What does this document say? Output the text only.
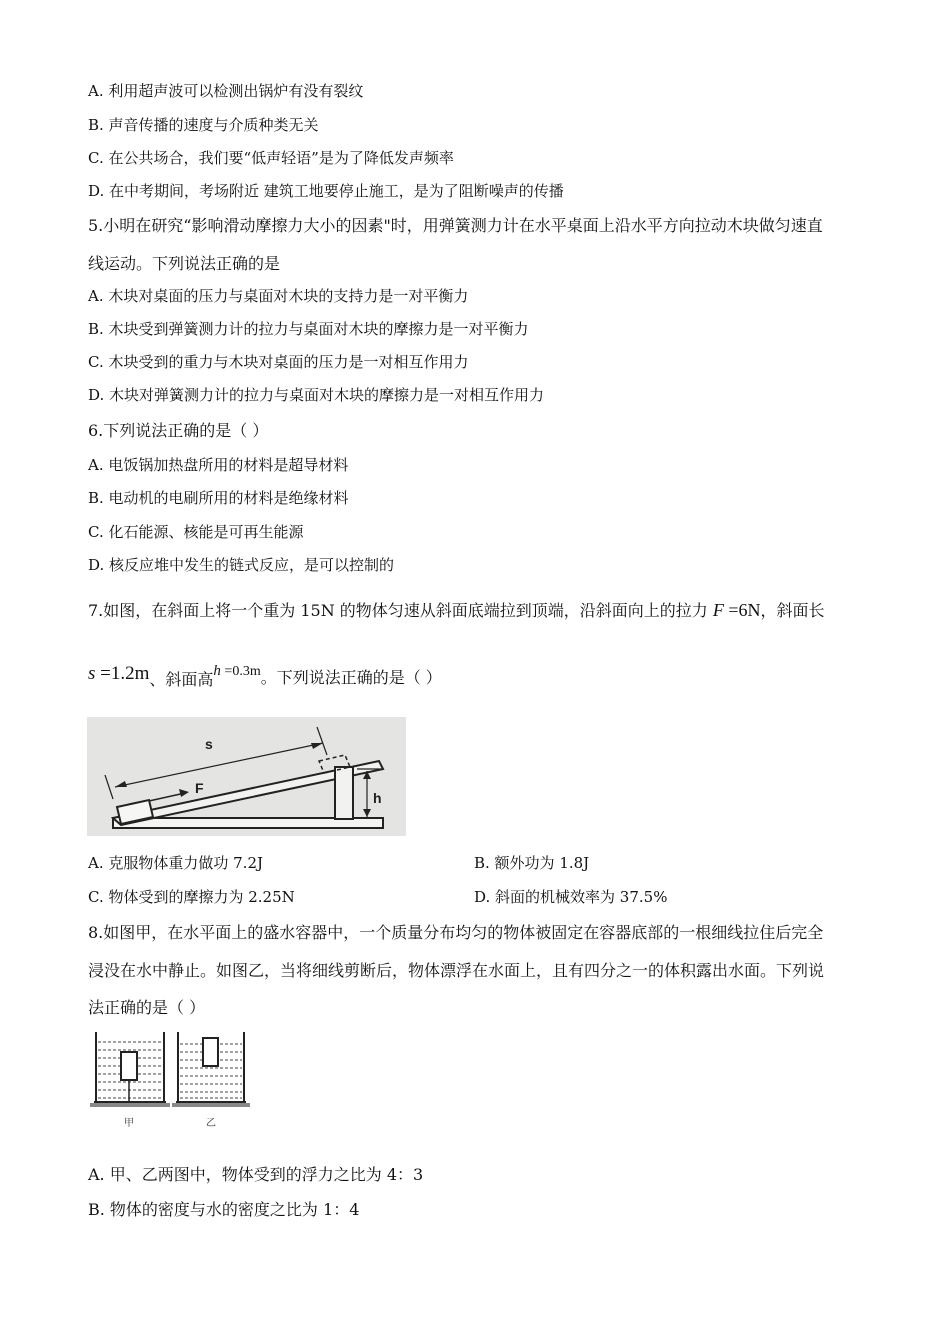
A. 利用超声波可以检测出锅炉有没有裂纹
B. 声音传播的速度与介质种类无关
C. 在公共场合，我们要“低声轻语”是为了降低发声频率
D. 在中考期间，考场附近 建筑工地要停止施工，是为了阻断噪声的传播
5.小明在研究“影响滑动摩擦力大小的因素"时，用弹簧测力计在水平桌面上沿水平方向拉动木块做匀速直
线运动。下列说法正确的是
A. 木块对桌面的压力与桌面对木块的支持力是一对平衡力
B. 木块受到弹簧测力计的拉力与桌面对木块的摩擦力是一对平衡力
C. 木块受到的重力与木块对桌面的压力是一对相互作用力
D. 木块对弹簧测力计的拉力与桌面对木块的摩擦力是一对相互作用力
6.下列说法正确的是（ ）
A. 电饭锅加热盘所用的材料是超导材料
B. 电动机的电刷所用的材料是绝缘材料
C. 化石能源、核能是可再生能源
D. 核反应堆中发生的链式反应，是可以控制的
7.如图，在斜面上将一个重为 15N 的物体匀速从斜面底端拉到顶端，沿斜面向上的拉力 F =6N，斜面长
s =1.2m、斜面高h =0.3m。下列说法正确的是（ ）
s
F
h
A. 克服物体重力做功 7.2J	B. 额外功为 1.8J
C. 物体受到的摩擦力为 2.25N	D. 斜面的机械效率为 37.5%
8.如图甲，在水平面上的盛水容器中，一个质量分布均匀的物体被固定在容器底部的一根细线拉住后完全
浸没在水中静止。如图乙，当将细线剪断后，物体漂浮在水面上，且有四分之一的体积露出水面。下列说
法正确的是（ ）
甲	乙
A. 甲、乙两图中，物体受到的浮力之比为 4：3
B. 物体的密度与水的密度之比为 1：4
